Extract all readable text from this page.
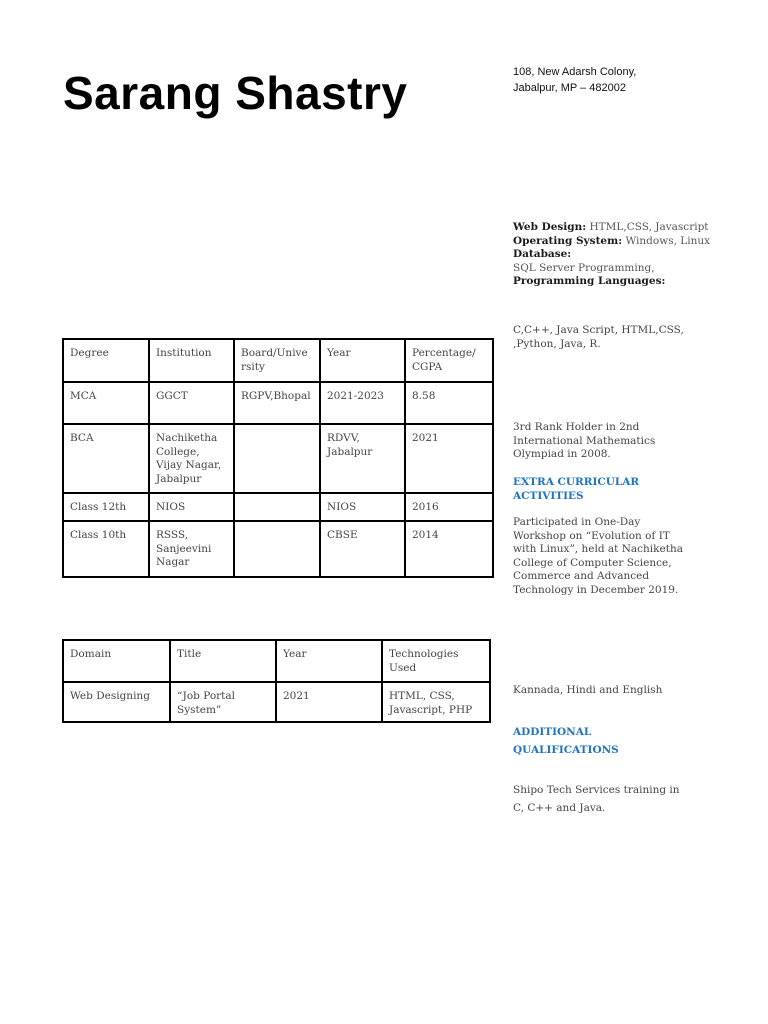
Sarang Shastry	108, New Adarsh Colony,
Jabalpur, MP – 482002
Web Design: HTML,CSS, Javascript
Operating System: Windows, Linux
Database:
SQL Server Programming,
Programming Languages:
C,C++, Java Script, HTML,CSS, ,Python, Java, R.
Degree	Institution	Board/Unive rsity	Year	Percentage/ CGPA
MCA	GGCT	RGPV,Bhopal	2021-2023	8.58
BCA	Nachiketha College, Vijay Nagar, Jabalpur		RDVV, Jabalpur	2021
Class 12th	NIOS		NIOS	2016
Class 10th	RSSS, Sanjeevini Nagar		CBSE	2014
Domain	Title	Year	Technologies Used
Web Designing	“Job Portal System”	2021	HTML, CSS, Javascript, PHP
3rd Rank Holder in 2nd International Mathematics Olympiad in 2008.
EXTRA CURRICULAR ACTIVITIES
Participated in One-Day Workshop on “Evolution of IT with Linux”, held at Nachiketha College of Computer Science, Commerce and Advanced Technology in December 2019.
Kannada, Hindi and English
ADDITIONAL QUALIFICATIONS
Shipo Tech Services training in C, C++ and Java.
